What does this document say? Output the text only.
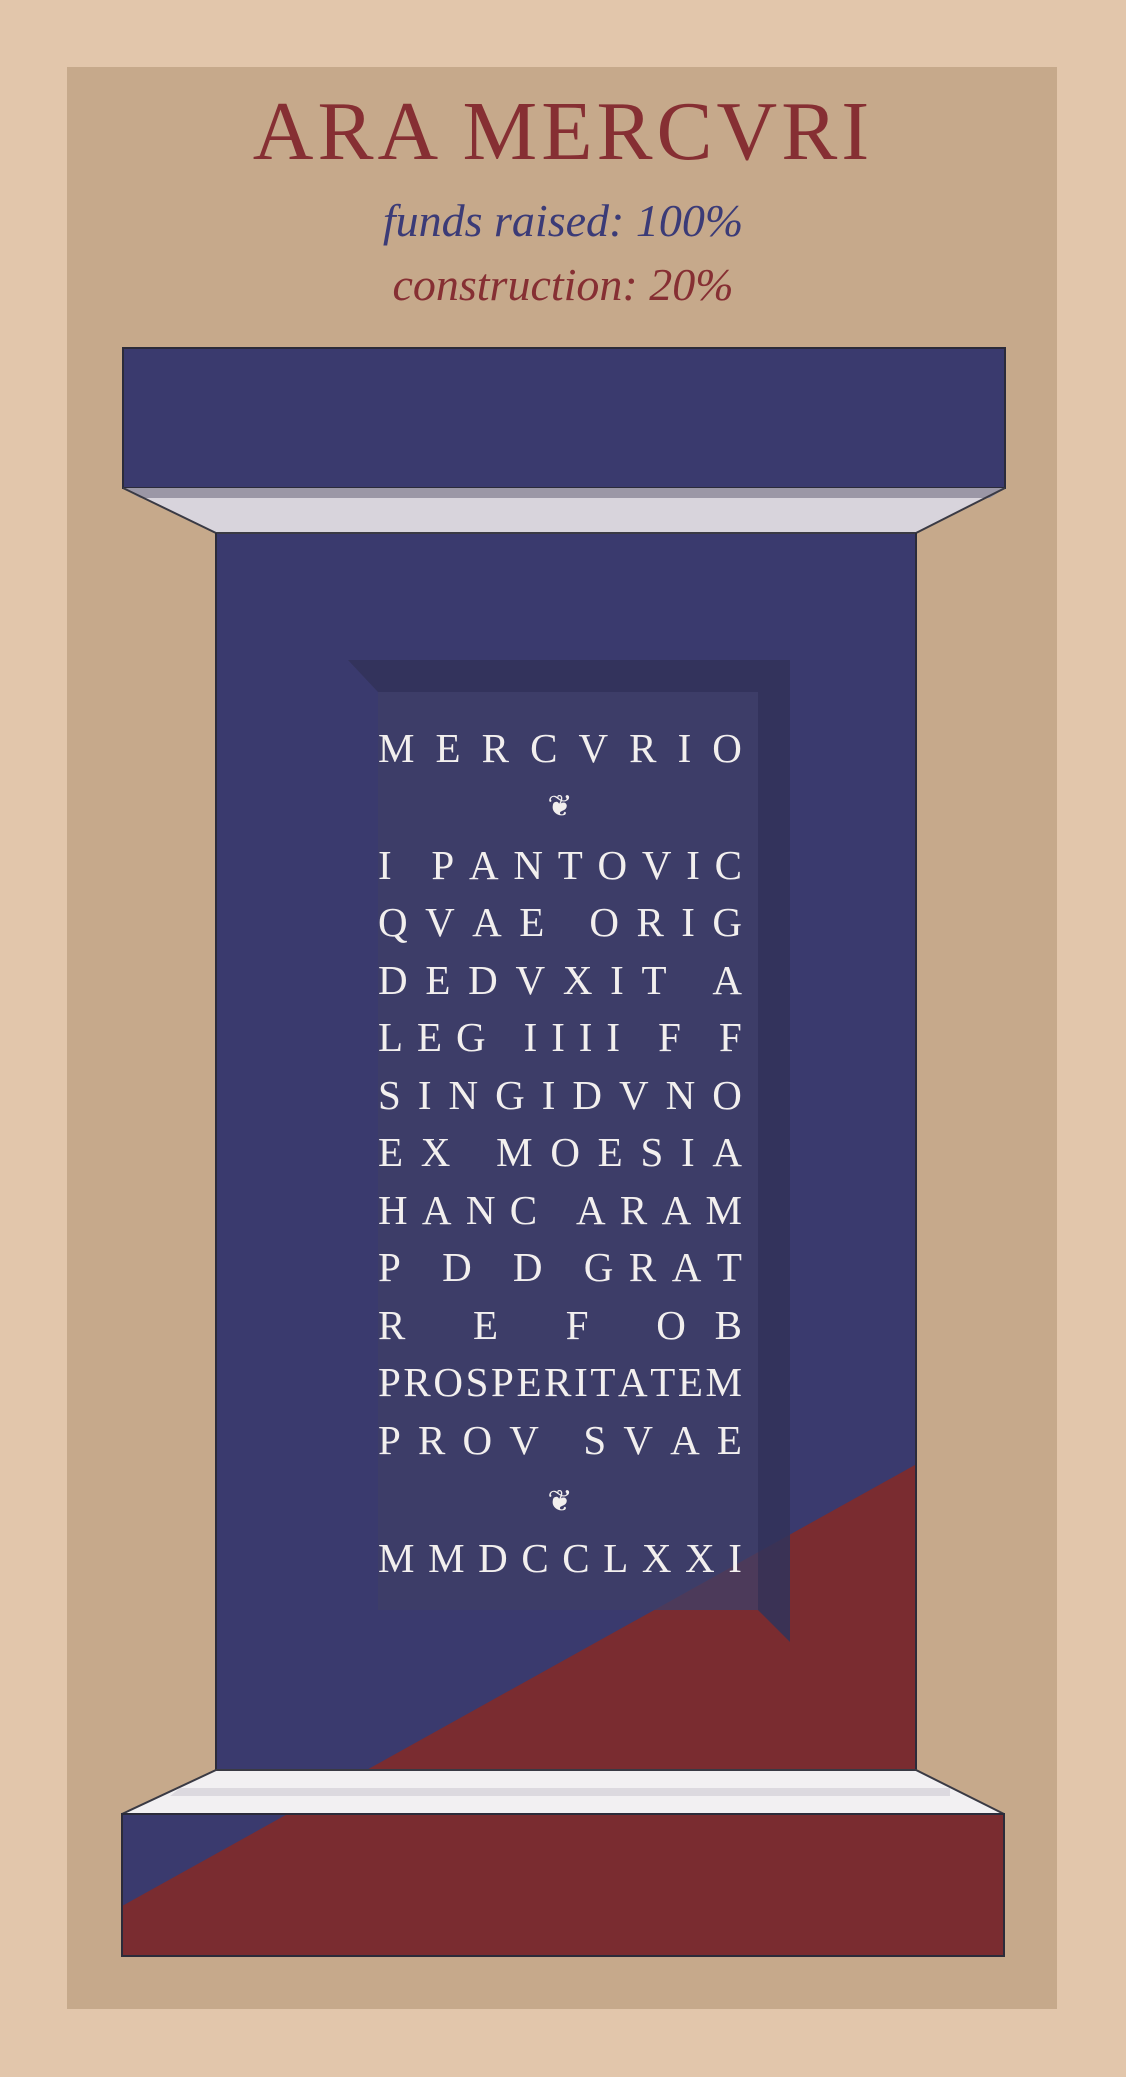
ARA MERCVRI

funds raised: 100%

construction: 20%

M E R C V R I O
❦
I
P A N T O V I C
Q V A E
O R I G
D E D V X I T
A
L E G
I I I I
F
F
S I N G I D V N O
E X
M O E S I A
H A N C
A R A M
P
D
D
G R A T
R
E
F
O B
P R O S P E R I T A T E M
P R O V
S V A E
❦
M M D C C L X X I
